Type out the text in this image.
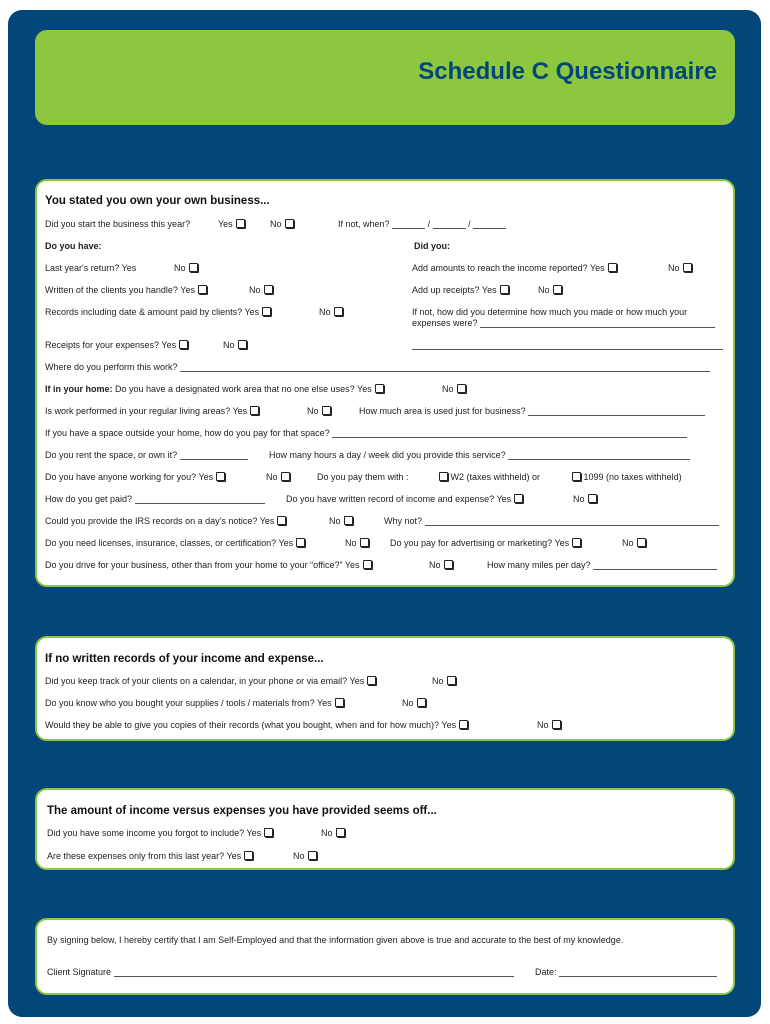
Schedule C Questionnaire
You stated you own your own business...
Did you start the business this year?	Yes	No	If not, when?	/	/
Do you have:	Did you:
Last year's return? Yes	No	Add amounts to reach the income reported? Yes	No
Written of the clients you handle? Yes	No	Add up receipts? Yes	No
Records including date & amount paid by clients? Yes	No	If not, how did you determine how much you made or how much your
expenses were?
Receipts for your expenses? Yes	No
Where do you perform this work?
If in your home: Do you have a designated work area that no one else uses? Yes	No
Is work performed in your regular living areas? Yes	No	How much area is used just for business?
If you have a space outside your home, how do you pay for that space?
Do you rent the space, or own it?	How many hours a day / week did you provide this service?
Do you have anyone working for you? Yes	No	Do you pay them with :	W2 (taxes withheld) or	1099 (no taxes withheld)
How do you get paid?	Do you have written record of income and expense? Yes	No
Could you provide the IRS records on a day's notice? Yes	No	Why not?
Do you need licenses, insurance, classes, or certification? Yes	No	Do you pay for advertising or marketing? Yes	No
Do you drive for your business, other than from your home to your “office?” Yes	No	How many miles per day?
If no written records of your income and expense...
Did you keep track of your clients on a calendar, in your phone or via email? Yes	No
Do you know who you bought your supplies / tools / materials from? Yes	No
Would they be able to give you copies of their records (what you bought, when and for how much)? Yes	No
The amount of income versus expenses you have provided seems off...
Did you have some income you forgot to include? Yes	No
Are these expenses only from this last year? Yes	No
By signing below, I hereby certify that I am Self-Employed and that the information given above is true and accurate to the best of my knowledge.
Client Signature	Date:
